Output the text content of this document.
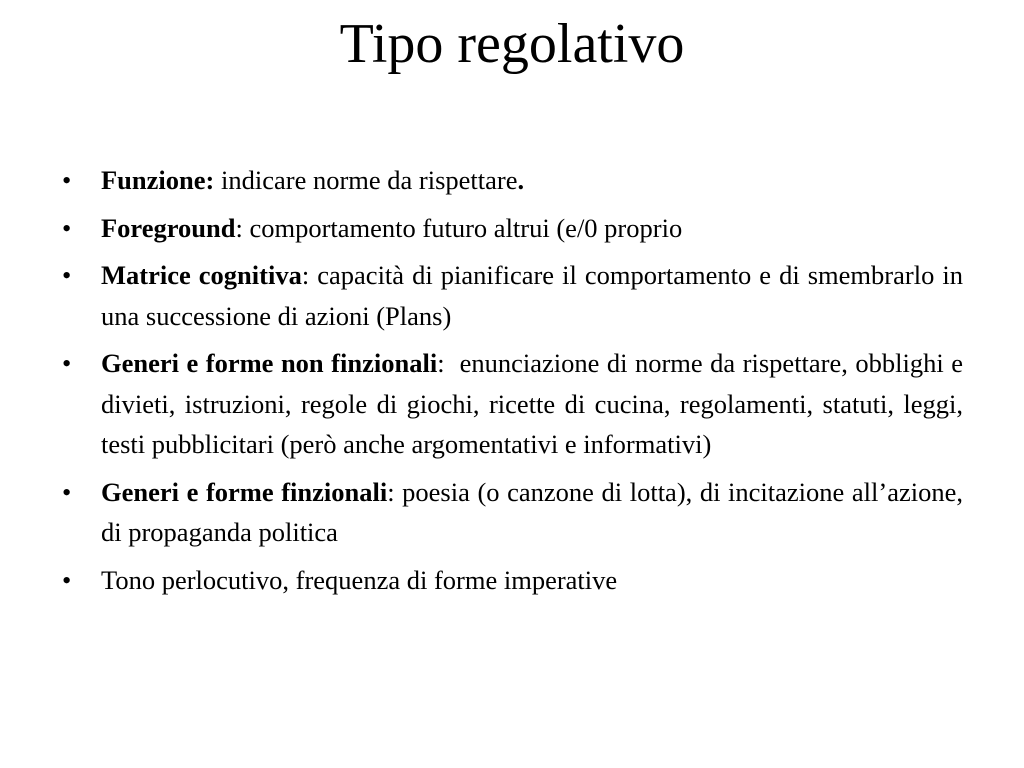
Tipo regolativo
•	Funzione: indicare norme da rispettare.
•	Foreground: comportamento futuro altrui (e/0 proprio
•	Matrice cognitiva: capacità di pianificare il comportamento e di smembrarlo in una successione di azioni (Plans)
•	Generi e forme non finzionali:  enunciazione di norme da rispettare, obblighi e divieti, istruzioni, regole di giochi, ricette di cucina, regolamenti, statuti, leggi, testi pubblicitari (però anche argomentativi e informativi)
•	Generi e forme finzionali: poesia (o canzone di lotta), di incitazione all’azione, di propaganda politica
•	Tono perlocutivo, frequenza di forme imperative
